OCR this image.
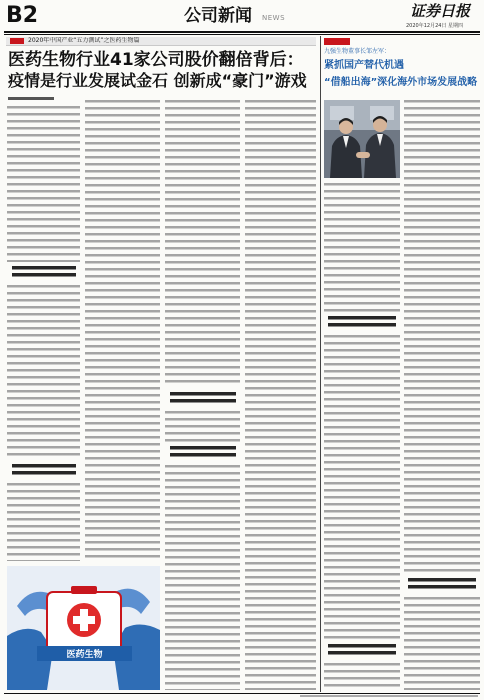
B2	公司新闻 NEWS	证券日报
2020年12月24日 星期四
2020年中国产业“五力测试”之医药生物篇
医药生物行业41家公司股价翻倍背后：
疫情是行业发展试金石 创新成“豪门”游戏
医药生物
九强生物董事长邹左军：
紧抓国产替代机遇
“借船出海”深化海外市场发展战略
